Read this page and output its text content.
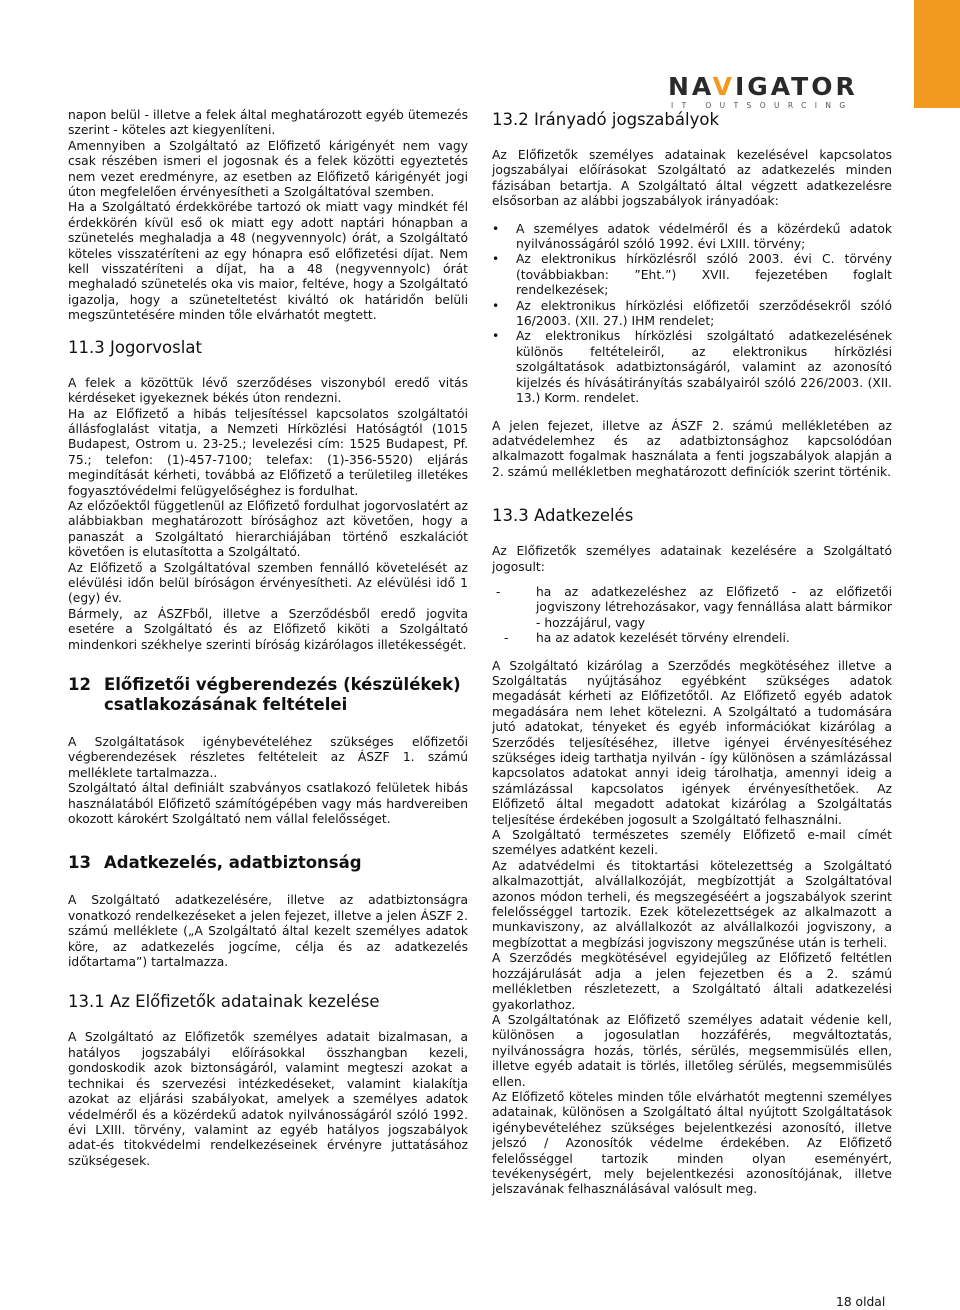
NAVIGATOR
IT OUTSOURCING

napon belül - illetve a felek által meghatározott egyéb ütemezés szerint - köteles azt kiegyenlíteni.

Amennyiben a Szolgáltató az Előfizető kárigényét nem vagy csak részében ismeri el jogosnak és a felek közötti egyeztetés nem vezet eredményre, az esetben az Előfizető kárigényét jogi úton megfelelően érvényesítheti a Szolgáltatóval szemben.

Ha a Szolgáltató érdekkörébe tartozó ok miatt vagy mindkét fél érdekkörén kívül eső ok miatt egy adott naptári hónapban a szünetelés meghaladja a 48 (negyvennyolc) órát, a Szolgáltató köteles visszatéríteni az egy hónapra eső előfizetési díjat. Nem kell visszatéríteni a díjat, ha a 48 (negyvennyolc) órát meghaladó szünetelés oka vis maior, feltéve, hogy a Szolgáltató igazolja, hogy a szüneteltetést kiváltó ok határidőn belüli megszüntetésére minden tőle elvárhatót megtett.

11.3 Jogorvoslat

A felek a közöttük lévő szerződéses viszonyból eredő vitás kérdéseket igyekeznek békés úton rendezni.

Ha az Előfizető a hibás teljesítéssel kapcsolatos szolgáltatói állásfoglalást vitatja, a Nemzeti Hírközlési Hatóságtól (1015 Budapest, Ostrom u. 23-25.; levelezési cím: 1525 Budapest, Pf. 75.; telefon: (1)-457-7100; telefax: (1)-356-5520) eljárás megindítását kérheti, továbbá az Előfizető a területileg illetékes fogyasztóvédelmi felügyelőséghez is fordulhat.

Az előzőektől függetlenül az Előfizető fordulhat jogorvoslatért az alábbiakban meghatározott bírósághoz azt követően, hogy a panaszát a Szolgáltató hierarchiájában történő eszkalációt követően is elutasította a Szolgáltató.

Az Előfizető a Szolgáltatóval szemben fennálló követelését az elévülési időn belül bíróságon érvényesítheti. Az elévülési idő 1 (egy) év.

Bármely, az ÁSZFből, illetve a Szerződésből eredő jogvita esetére a Szolgáltató és az Előfizető kiköti a Szolgáltató mindenkori székhelye szerinti bíróság kizárólagos illetékességét.

12 Előfizetői végberendezés (készülékek) csatlakozásának feltételei

A Szolgáltatások igénybevételéhez szükséges előfizetői végberendezések részletes feltételeit az ÁSZF 1. számú melléklete tartalmazza..

Szolgáltató által definiált szabványos csatlakozó felületek hibás használatából Előfizető számítógépében vagy más hardvereiben okozott károkért Szolgáltató nem vállal felelősséget.

13 Adatkezelés, adatbiztonság

A Szolgáltató adatkezelésére, illetve az adatbiztonságra vonatkozó rendelkezéseket a jelen fejezet, illetve a jelen ÁSZF 2. számú melléklete („A Szolgáltató által kezelt személyes adatok köre, az adatkezelés jogcíme, célja és az adatkezelés időtartama”) tartalmazza.

13.1 Az Előfizetők adatainak kezelése

A Szolgáltató az Előfizetők személyes adatait bizalmasan, a hatályos jogszabályi előírásokkal összhangban kezeli, gondoskodik azok biztonságáról, valamint megteszi azokat a technikai és szervezési intézkedéseket, valamint kialakítja azokat az eljárási szabályokat, amelyek a személyes adatok védelméről és a közérdekű adatok nyilvánosságáról szóló 1992. évi LXIII. törvény, valamint az egyéb hatályos jogszabályok adat-és titokvédelmi rendelkezéseinek érvényre juttatásához szükségesek.

13.2 Irányadó jogszabályok

Az Előfizetők személyes adatainak kezelésével kapcsolatos jogszabályai előírásokat Szolgáltató az adatkezelés minden fázisában betartja. A Szolgáltató által végzett adatkezelésre elsősorban az alábbi jogszabályok irányadóak:

• A személyes adatok védelméről és a közérdekű adatok nyilvánosságáról szóló 1992. évi LXIII. törvény;
• Az elektronikus hírközlésről szóló 2003. évi C. törvény (továbbiakban: ”Eht.”) XVII. fejezetében foglalt rendelkezések;
• Az elektronikus hírközlési előfizetői szerződésekről szóló 16/2003. (XII. 27.) IHM rendelet;
• Az elektronikus hírközlési szolgáltató adatkezelésének különös feltételeiről, az elektronikus hírközlési szolgáltatások adatbiztonságáról, valamint az azonosító kijelzés és hívásátirányítás szabályairól szóló 226/2003. (XII. 13.) Korm. rendelet.

A jelen fejezet, illetve az ÁSZF 2. számú mellékletében az adatvédelemhez és az adatbiztonsághoz kapcsolódóan alkalmazott fogalmak használata a fenti jogszabályok alapján a 2. számú mellékletben meghatározott definíciók szerint történik.

13.3 Adatkezelés

Az Előfizetők személyes adatainak kezelésére a Szolgáltató jogosult:

-	ha az adatkezeléshez az Előfizető - az előfizetői jogviszony létrehozásakor, vagy fennállása alatt bármikor - hozzájárul, vagy
- ha az adatok kezelését törvény elrendeli.

A Szolgáltató kizárólag a Szerződés megkötéséhez illetve a Szolgáltatás nyújtásához egyébként szükséges adatok megadását kérheti az Előfizetőtől. Az Előfizető egyéb adatok megadására nem lehet kötelezni. A Szolgáltató a tudomására jutó adatokat, tényeket és egyéb információkat kizárólag a Szerződés teljesítéséhez, illetve igényei érvényesítéséhez szükséges ideig tarthatja nyilván - így különösen a számlázással kapcsolatos adatokat annyi ideig tárolhatja, amennyi ideig a számlázással kapcsolatos igények érvényesíthetőek. Az Előfizető által megadott adatokat kizárólag a Szolgáltatás teljesítése érdekében jogosult a Szolgáltató felhasználni.

A Szolgáltató természetes személy Előfizető e-mail címét személyes adatként kezeli.

Az adatvédelmi és titoktartási kötelezettség a Szolgáltató alkalmazottját, alvállalkozóját, megbízottját a Szolgáltatóval azonos módon terheli, és megszegéséért a jogszabályok szerint felelősséggel tartozik. Ezek kötelezettségek az alkalmazott a munkaviszony, az alvállalkozót az alvállalkozói jogviszony, a megbízottat a megbízási jogviszony megszűnése után is terheli.

A Szerződés megkötésével egyidejűleg az Előfizető feltétlen hozzájárulását adja a jelen fejezetben és a 2. számú mellékletben részletezett, a Szolgáltató általi adatkezelési gyakorlathoz.

A Szolgáltatónak az Előfizető személyes adatait védenie kell, különösen a jogosulatlan hozzáférés, megváltoztatás, nyilvánosságra hozás, törlés, sérülés, megsemmisülés ellen, illetve egyéb adatait is törlés, illetőleg sérülés, megsemmisülés ellen.

Az Előfizető köteles minden tőle elvárhatót megtenni személyes adatainak, különösen a Szolgáltató által nyújtott Szolgáltatások igénybevételéhez szükséges bejelentkezési azonosító, illetve jelszó / Azonosítók védelme érdekében. Az Előfizető felelősséggel tartozik minden olyan eseményért, tevékenységért, mely bejelentkezési azonosítójának, illetve jelszavának felhasználásával valósult meg.

18 oldal
